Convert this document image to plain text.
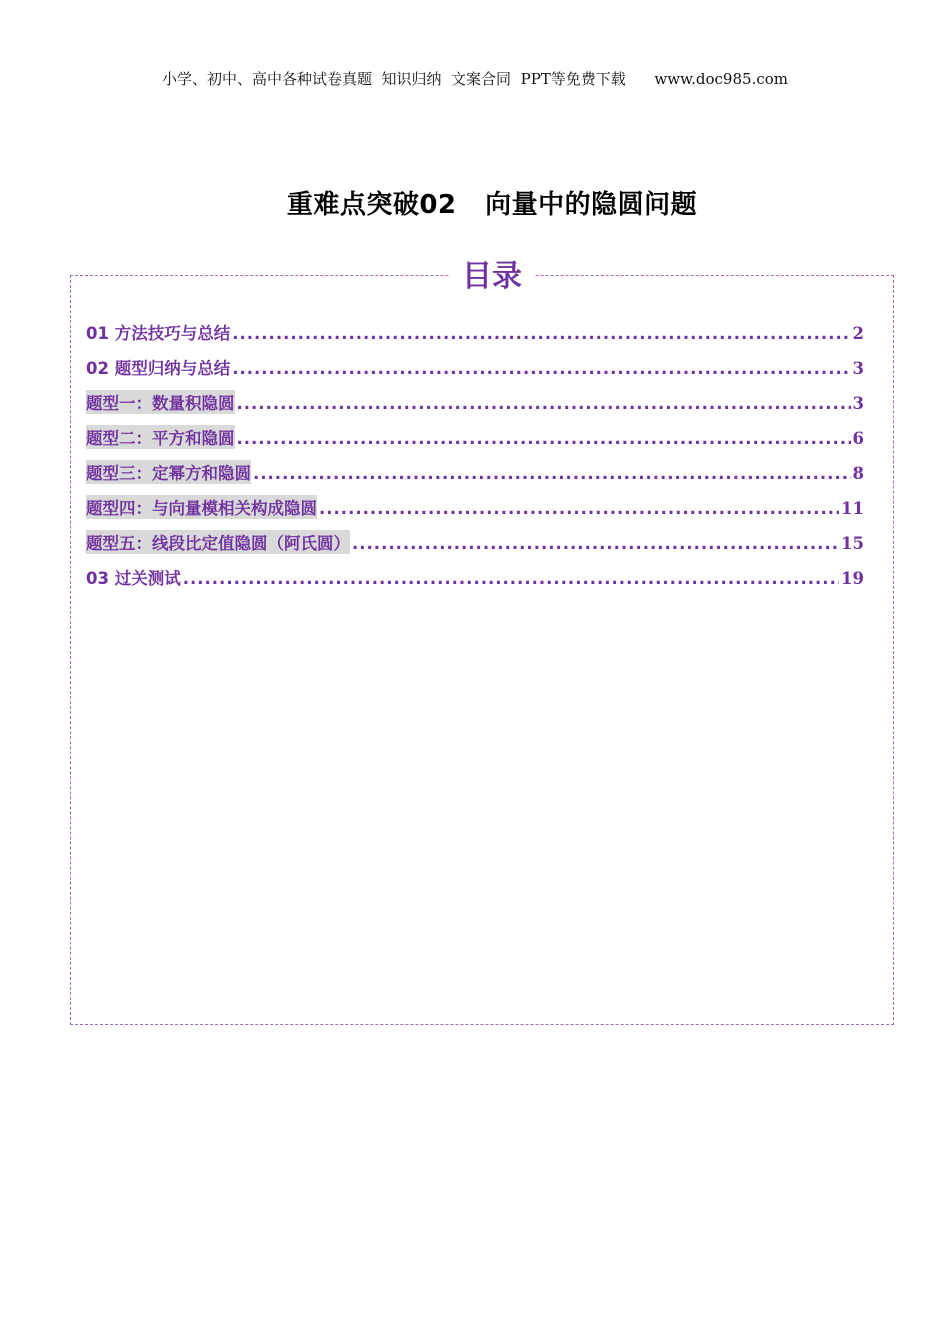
小学、初中、高中各种试卷真题  知识归纳  文案合同  PPT等免费下载      www.doc985.com
重难点突破02   向量中的隐圆问题
目录
01 方法技巧与总结 .....	2
02 题型归纳与总结 .....	3
题型一：数量积隐圆 .....	3
题型二：平方和隐圆 .....	6
题型三：定幂方和隐圆 .....	8
题型四：与向量模相关构成隐圆 .....	11
题型五：线段比定值隐圆（阿氏圆） .....	15
03 过关测试 .....	19
